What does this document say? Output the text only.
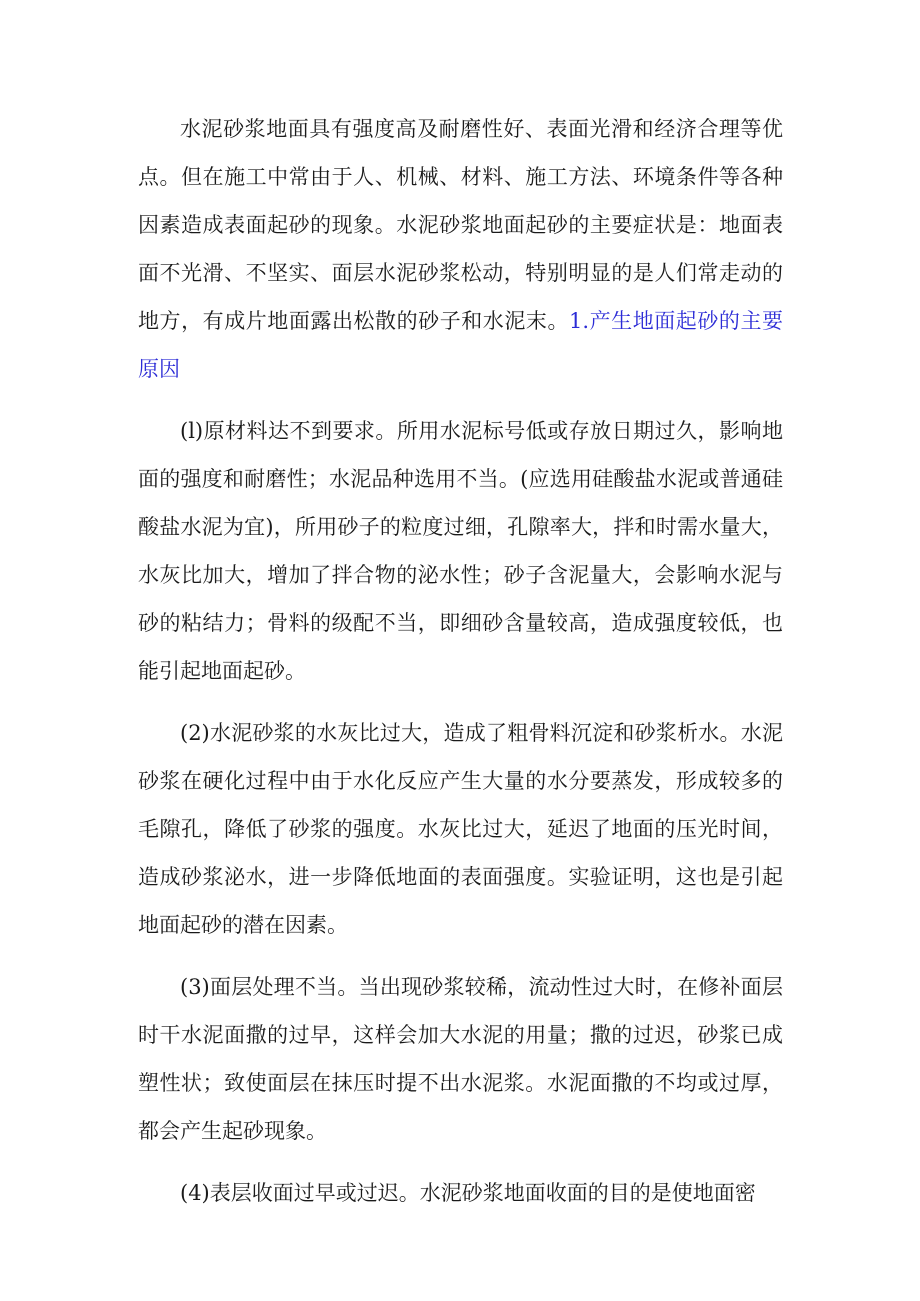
水泥砂浆地面具有强度高及耐磨性好、表面光滑和经济合理等优点。但在施工中常由于人、机械、材料、施工方法、环境条件等各种因素造成表面起砂的现象。水泥砂浆地面起砂的主要症状是：地面表面不光滑、不坚实、面层水泥砂浆松动，特别明显的是人们常走动的地方，有成片地面露出松散的砂子和水泥末。1.产生地面起砂的主要原因

(l)原材料达不到要求。所用水泥标号低或存放日期过久，影响地面的强度和耐磨性；水泥品种选用不当。(应选用硅酸盐水泥或普通硅酸盐水泥为宜)，所用砂子的粒度过细，孔隙率大，拌和时需水量大，水灰比加大，增加了拌合物的泌水性；砂子含泥量大，会影响水泥与砂的粘结力；骨料的级配不当，即细砂含量较高，造成强度较低，也能引起地面起砂。

(2)水泥砂浆的水灰比过大，造成了粗骨料沉淀和砂浆析水。水泥砂浆在硬化过程中由于水化反应产生大量的水分要蒸发，形成较多的毛隙孔，降低了砂浆的强度。水灰比过大，延迟了地面的压光时间，造成砂浆泌水，进一步降低地面的表面强度。实验证明，这也是引起地面起砂的潜在因素。

(3)面层处理不当。当出现砂浆较稀，流动性过大时，在修补面层时干水泥面撒的过早，这样会加大水泥的用量；撒的过迟，砂浆已成塑性状；致使面层在抹压时提不出水泥浆。水泥面撒的不均或过厚，都会产生起砂现象。

(4)表层收面过早或过迟。水泥砂浆地面收面的目的是使地面密
